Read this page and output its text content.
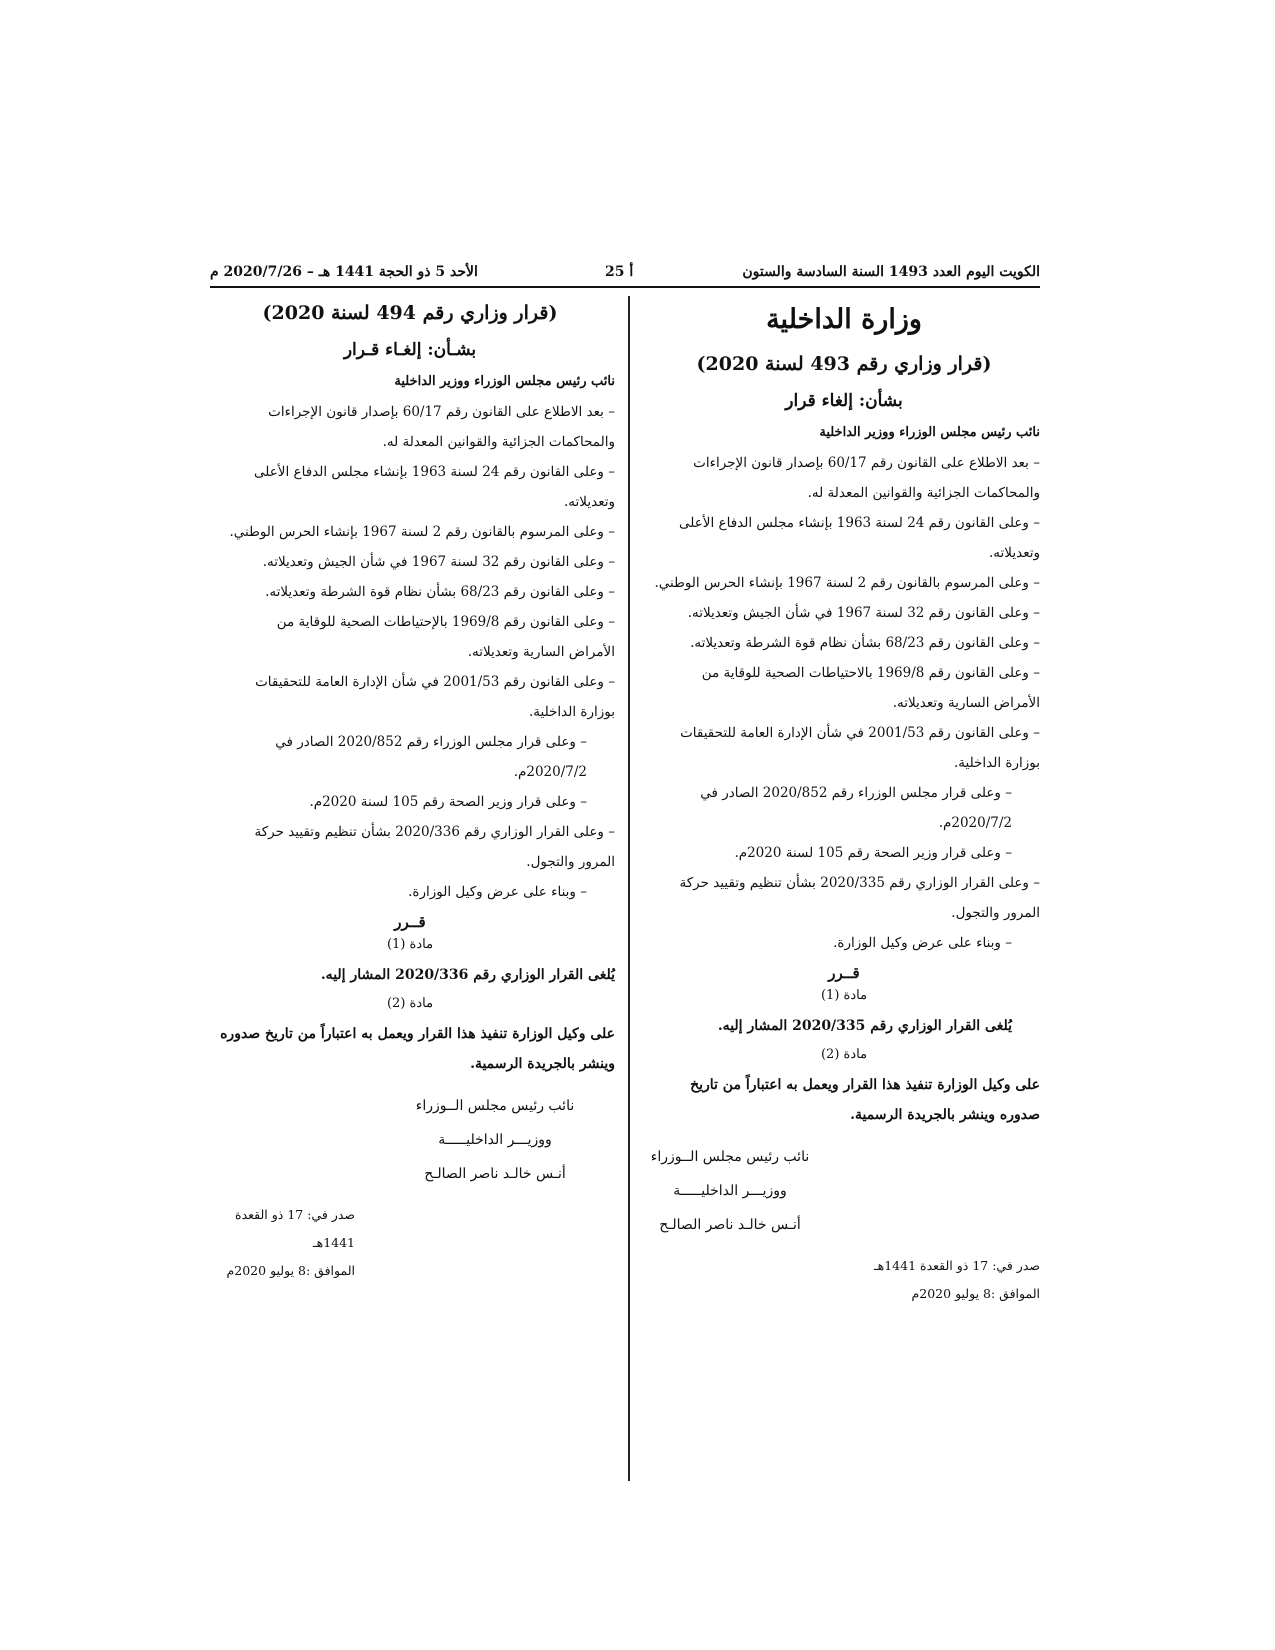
الكويت اليوم العدد 1493 السنة السادسة والستون
أ 25
الأحد 5 ذو الحجة 1441 هـ – 2020/7/26 م
وزارة الداخلية
(قرار وزاري رقم 493 لسنة 2020)
بشأن: إلغاء قرار
نائب رئيس مجلس الوزراء ووزير الداخلية
– بعد الاطلاع على القانون رقم 60/17 بإصدار قانون الإجراءات
والمحاكمات الجزائية والقوانين المعدلة له.
– وعلى القانون رقم 24 لسنة 1963 بإنشاء مجلس الدفاع الأعلى
وتعديلاته.
– وعلى المرسوم بالقانون رقم 2 لسنة 1967 بإنشاء الحرس الوطني.
– وعلى القانون رقم 32 لسنة 1967 في شأن الجيش وتعديلاته.
– وعلى القانون رقم 68/23 بشأن نظام قوة الشرطة وتعديلاته.
– وعلى القانون رقم 1969/8 بالاحتياطات الصحية للوقاية من
الأمراض السارية وتعديلاته.
– وعلى القانون رقم 2001/53 في شأن الإدارة العامة للتحقيقات
بوزارة الداخلية.
– وعلى قرار مجلس الوزراء رقم 2020/852 الصادر في
2020/7/2م.
– وعلى قرار وزير الصحة رقم 105 لسنة 2020م.
– وعلى القرار الوزاري رقم 2020/335 بشأن تنظيم وتقييد حركة
المرور والتجول.
– وبناء على عرض وكيل الوزارة.
قــرر
مادة (1)
يُلغى القرار الوزاري رقم 2020/335 المشار إليه.
مادة (2)
على وكيل الوزارة تنفيذ هذا القرار ويعمل به اعتباراً من تاريخ صدوره وينشر بالجريدة الرسمية.
نائب رئيس مجلس الــوزراء
ووزيـــر الداخليـــــة
أنـس خالـد ناصر الصالـح
صدر في: 17 ذو القعدة 1441هـ
الموافق :8 يوليو 2020م
(قرار وزاري رقم 494 لسنة 2020)
بشـأن: إلغـاء قـرار
نائب رئيس مجلس الوزراء ووزير الداخلية
– بعد الاطلاع على القانون رقم 60/17 بإصدار قانون الإجراءات
والمحاكمات الجزائية والقوانين المعدلة له.
– وعلى القانون رقم 24 لسنة 1963 بإنشاء مجلس الدفاع الأعلى
وتعديلاته.
– وعلى المرسوم بالقانون رقم 2 لسنة 1967 بإنشاء الحرس الوطني.
– وعلى القانون رقم 32 لسنة 1967 في شأن الجيش وتعديلاته.
– وعلى القانون رقم 68/23 بشأن نظام قوة الشرطة وتعديلاته.
– وعلى القانون رقم 1969/8 بالإحتياطات الصحية للوقاية من
الأمراض السارية وتعديلاته.
– وعلى القانون رقم 2001/53 في شأن الإدارة العامة للتحقيقات
بوزارة الداخلية.
– وعلى قرار مجلس الوزراء رقم 2020/852 الصادر في
2020/7/2م.
– وعلى قرار وزير الصحة رقم 105 لسنة 2020م.
– وعلى القرار الوزاري رقم 2020/336 بشأن تنظيم وتقييد حركة
المرور والتجول.
– وبناء على عرض وكيل الوزارة.
قــرر
مادة (1)
يُلغى القرار الوزاري رقم 2020/336 المشار إليه.
مادة (2)
على وكيل الوزارة تنفيذ هذا القرار ويعمل به اعتباراً من تاريخ صدوره وينشر بالجريدة الرسمية.
نائب رئيس مجلس الــوزراء
ووزيـــر الداخليـــــة
أنـس خالـد ناصر الصالـح
صدر في: 17 ذو القعدة 1441هـ
الموافق :8 يوليو 2020م
